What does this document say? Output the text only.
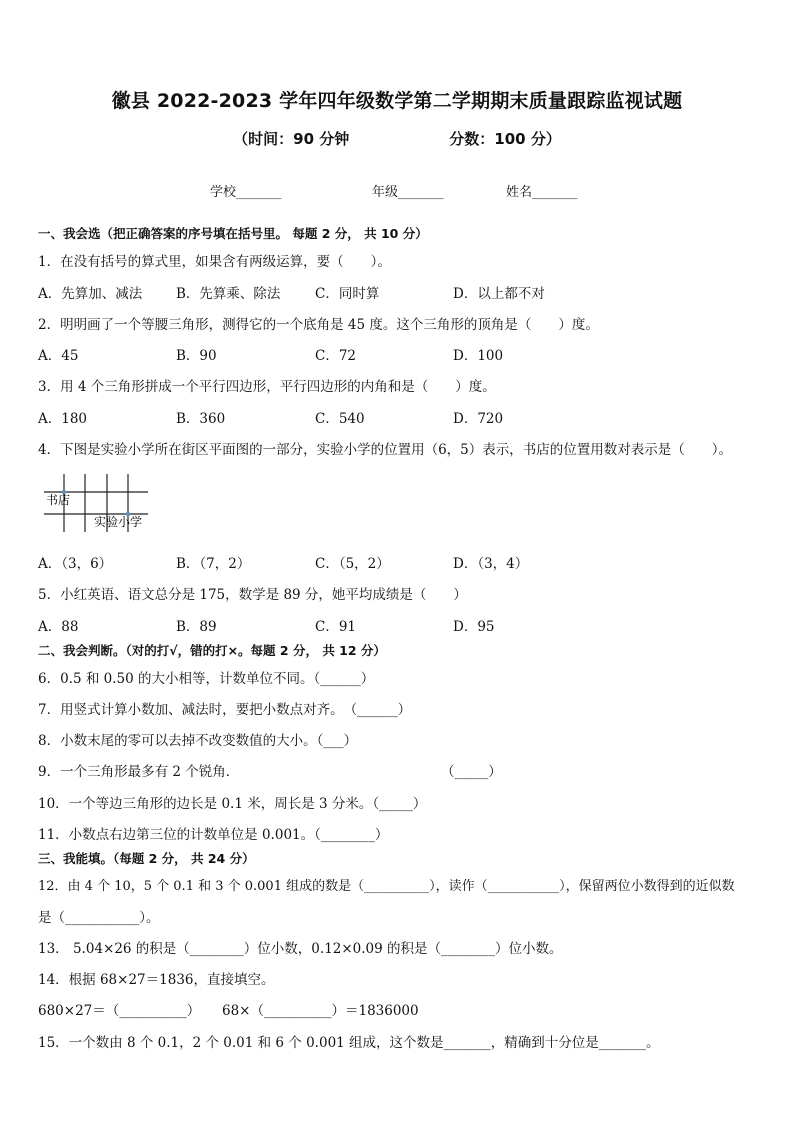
徽县 2022-2023 学年四年级数学第二学期期末质量跟踪监视试题
（时间：90 分钟	分数：100 分）
学校_______	年级_______	姓名_______
一、我会选（把正确答案的序号填在括号里。 每题 2 分， 共 10 分）
1．在没有括号的算式里，如果含有两级运算，要（　　）。
A．先算加、减法	B．先算乘、除法	C．同时算	D．以上都不对
2．明明画了一个等腰三角形，测得它的一个底角是 45 度。这个三角形的顶角是（　　）度。
A．45	B．90	C．72	D．100
3．用 4 个三角形拼成一个平行四边形，平行四边形的内角和是（　　）度。
A．180	B．360	C．540	D．720
4．下图是实验小学所在街区平面图的一部分，实验小学的位置用（6，5）表示，书店的位置用数对表示是（　　）。
书店
实验小学
A．（3，6）	B．（7，2）	C．（5，2）	D．（3，4）
5．小红英语、语文总分是 175，数学是 89 分，她平均成绩是（　　）
A．88	B．89	C．91	D．95
二、我会判断。（对的打√，错的打×。每题 2 分， 共 12 分）
6．0.5 和 0.50 的大小相等，计数单位不同。（______）
7．用竖式计算小数加、减法时，要把小数点对齐。　（______）
8．小数末尾的零可以去掉不改变数值的大小。（___）
9．一个三角形最多有 2 个锐角．	（_____）
10．一个等边三角形的边长是 0.1 米，周长是 3 分米。（_____）
11．小数点右边第三位的计数单位是 0.001。（________）
三、我能填。（每题 2 分， 共 24 分）
12．由 4 个 10，5 个 0.1 和 3 个 0.001 组成的数是（__________），读作（___________），保留两位小数得到的近似数
是（___________）。
13． 5.04×26 的积是（________）位小数，0.12×0.09 的积是（________）位小数。
14．根据 68×27＝1836，直接填空。
680×27＝（__________） 68×（__________）＝1836000
15．一个数由 8 个 0.1，2 个 0.01 和 6 个 0.001 组成，这个数是_______，精确到十分位是_______。
